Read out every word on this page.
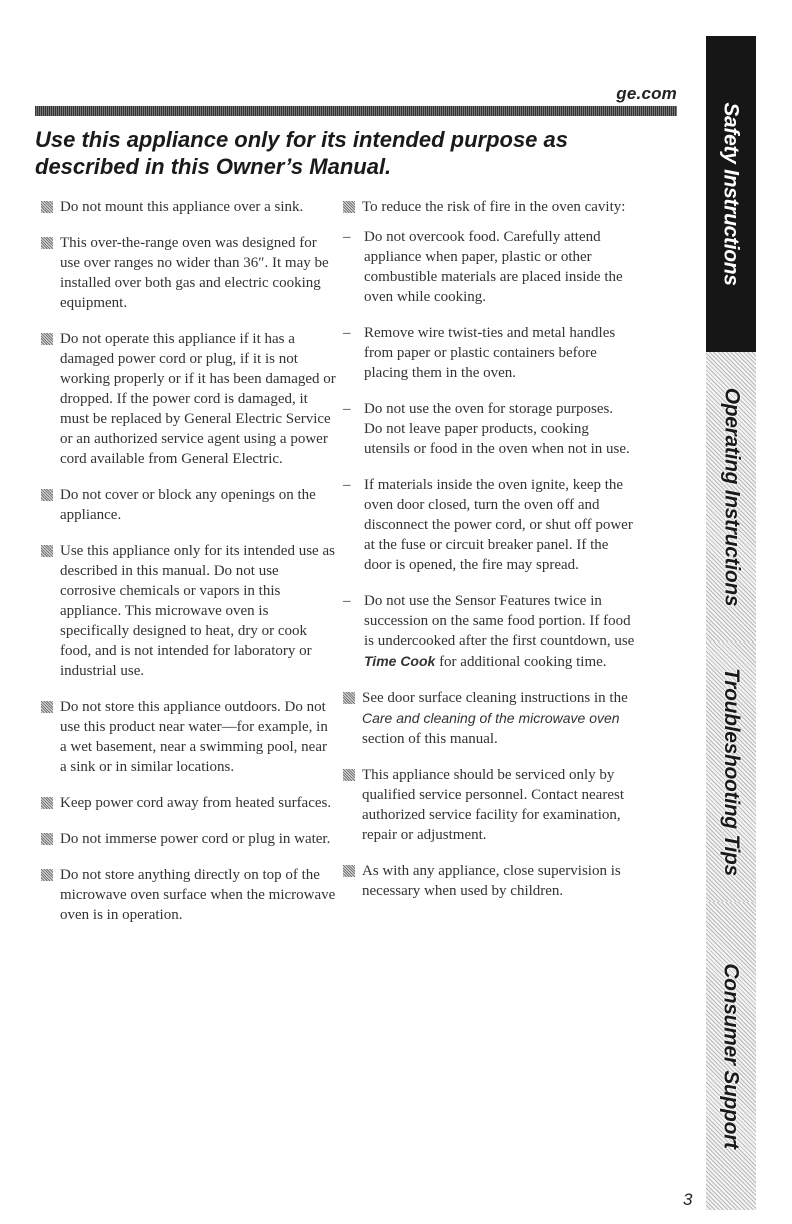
ge.com
Use this appliance only for its intended purpose as described in this Owner’s Manual.
Do not mount this appliance over a sink.
This over-the-range oven was designed for use over ranges no wider than 36″. It may be installed over both gas and electric cooking equipment.
Do not operate this appliance if it has a damaged power cord or plug, if it is not working properly or if it has been damaged or dropped. If the power cord is damaged, it must be replaced by General Electric Service or an authorized service agent using a power cord available from General Electric.
Do not cover or block any openings on the appliance.
Use this appliance only for its intended use as described in this manual. Do not use corrosive chemicals or vapors in this appliance. This microwave oven is specifically designed to heat, dry or cook food, and is not intended for laboratory or industrial use.
Do not store this appliance outdoors. Do not use this product near water—for example, in a wet basement, near a swimming pool, near a sink or in similar locations.
Keep power cord away from heated surfaces.
Do not immerse power cord or plug in water.
Do not store anything directly on top of the microwave oven surface when the microwave oven is in operation.
To reduce the risk of fire in the oven cavity:
– Do not overcook food. Carefully attend appliance when paper, plastic or other combustible materials are placed inside the oven while cooking.
– Remove wire twist-ties and metal handles from paper or plastic containers before placing them in the oven.
– Do not use the oven for storage purposes. Do not leave paper products, cooking utensils or food in the oven when not in use.
– If materials inside the oven ignite, keep the oven door closed, turn the oven off and disconnect the power cord, or shut off power at the fuse or circuit breaker panel. If the door is opened, the fire may spread.
– Do not use the Sensor Features twice in succession on the same food portion. If food is undercooked after the first countdown, use Time Cook for additional cooking time.
See door surface cleaning instructions in the Care and cleaning of the microwave oven section of this manual.
This appliance should be serviced only by qualified service personnel. Contact nearest authorized service facility for examination, repair or adjustment.
As with any appliance, close supervision is necessary when used by children.
Safety Instructions
Operating Instructions
Troubleshooting Tips
Consumer Support
3
